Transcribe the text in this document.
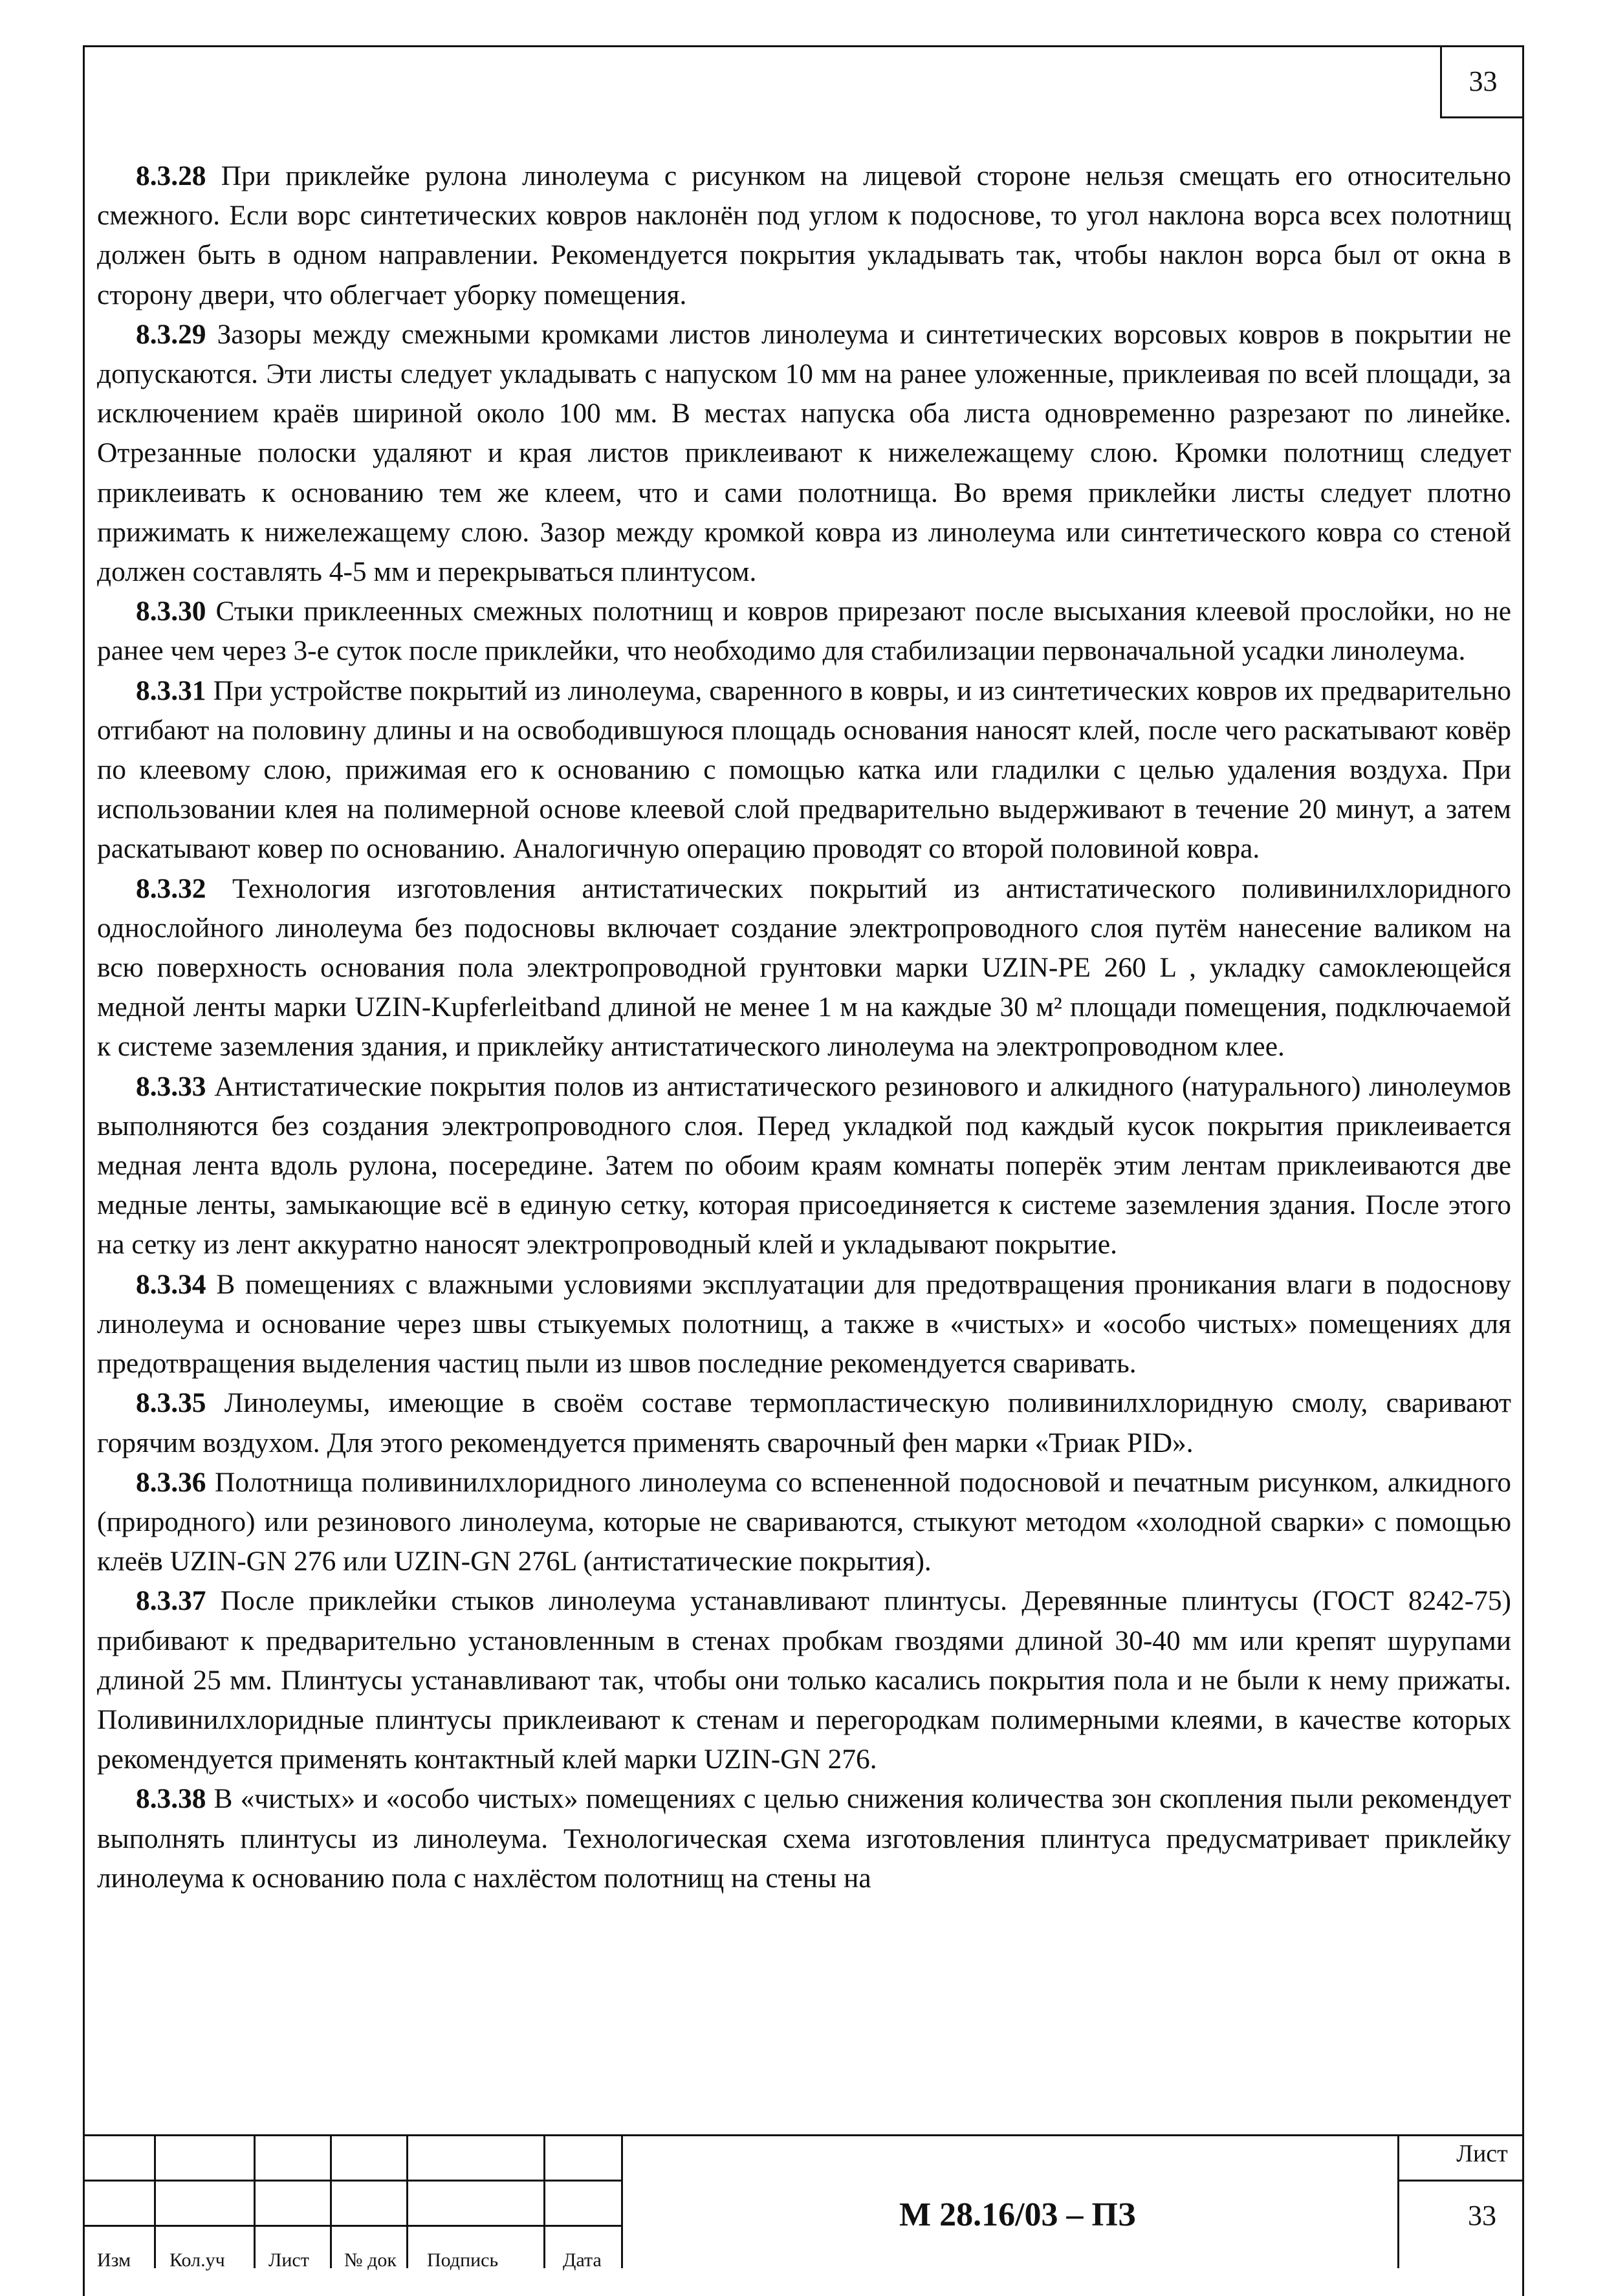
33

8.3.28 При приклейке рулона линолеума с рисунком на лицевой стороне нельзя смещать его относительно смежного. Если ворс синтетических ковров наклонён под углом к подоснове, то угол наклона ворса всех полотнищ должен быть в одном направлении. Рекомендуется покрытия укладывать так, чтобы наклон ворса был от окна в сторону двери, что облегчает уборку помещения.

8.3.29 Зазоры между смежными кромками листов линолеума и синтетических ворсовых ковров в покрытии не допускаются. Эти листы следует укладывать с напуском 10 мм на ранее уложенные, приклеивая по всей площади, за исключением краёв шириной около 100 мм. В местах напуска оба листа одновременно разрезают по линейке. Отрезанные полоски удаляют и края листов приклеивают к нижележащему слою. Кромки полотнищ следует приклеивать к основанию тем же клеем, что и сами полотнища. Во время приклейки листы следует плотно прижимать к нижележащему слою. Зазор между кромкой ковра из линолеума или синтетического ковра со стеной должен составлять 4-5 мм и перекрываться плинтусом.

8.3.30 Стыки приклеенных смежных полотнищ и ковров прирезают после высыхания клеевой прослойки, но не ранее чем через 3-е суток после приклейки, что необходимо для стабилизации первоначальной усадки линолеума.

8.3.31 При устройстве покрытий из линолеума, сваренного в ковры, и из синтетических ковров их предварительно отгибают на половину длины и на освободившуюся площадь основания наносят клей, после чего раскатывают ковёр по клеевому слою, прижимая его к основанию с помощью катка или гладилки с целью удаления воздуха. При использовании клея на полимерной основе клеевой слой предварительно выдерживают в течение 20 минут, а затем раскатывают ковер по основанию. Аналогичную операцию проводят со второй половиной ковра.

8.3.32 Технология изготовления антистатических покрытий из антистатического поливинилхлоридного однослойного линолеума без подосновы включает создание электропроводного слоя путём нанесение валиком на всю поверхность основания пола электропроводной грунтовки марки UZIN-PE 260 L , укладку самоклеющейся медной ленты марки UZIN-Kupferleitband длиной не менее 1 м на каждые 30 м² площади помещения, подключаемой к системе заземления здания, и приклейку антистатического линолеума на электропроводном клее.

8.3.33 Антистатические покрытия полов из антистатического резинового и алкидного (натурального) линолеумов выполняются без создания электропроводного слоя. Перед укладкой под каждый кусок покрытия приклеивается медная лента вдоль рулона, посередине. Затем по обоим краям комнаты поперёк этим лентам приклеиваются две медные ленты, замыкающие всё в единую сетку, которая присоединяется к системе заземления здания. После этого на сетку из лент аккуратно наносят электропроводный клей и укладывают покрытие.

8.3.34 В помещениях с влажными условиями эксплуатации для предотвращения проникания влаги в подоснову линолеума и основание через швы стыкуемых полотнищ, а также в «чистых» и «особо чистых» помещениях для предотвращения выделения частиц пыли из швов последние рекомендуется сваривать.

8.3.35 Линолеумы, имеющие в своём составе термопластическую поливинилхлоридную смолу, сваривают горячим воздухом. Для этого рекомендуется применять сварочный фен марки «Триак PID».

8.3.36 Полотнища поливинилхлоридного линолеума со вспененной подосновой и печатным рисунком, алкидного (природного) или резинового линолеума, которые не свариваются, стыкуют методом «холодной сварки» с помощью клеёв UZIN-GN 276 или UZIN-GN 276L (антистатические покрытия).

8.3.37 После приклейки стыков линолеума устанавливают плинтусы. Деревянные плинтусы (ГОСТ 8242-75) прибивают к предварительно установленным в стенах пробкам гвоздями длиной 30-40 мм или крепят шурупами длиной 25 мм. Плинтусы устанавливают так, чтобы они только касались покрытия пола и не были к нему прижаты. Поливинилхлоридные плинтусы приклеивают к стенам и перегородкам полимерными клеями, в качестве которых рекомендуется применять контактный клей марки UZIN-GN 276.

8.3.38 В «чистых» и «особо чистых» помещениях с целью снижения количества зон скопления пыли рекомендует выполнять плинтусы из линолеума. Технологическая схема изготовления плинтуса предусматривает приклейку линолеума к основанию пола с нахлёстом полотнищ на стены на

М 28.16/03 – ПЗ
Лист
33
Изм Кол.уч Лист № док Подпись	Дата
